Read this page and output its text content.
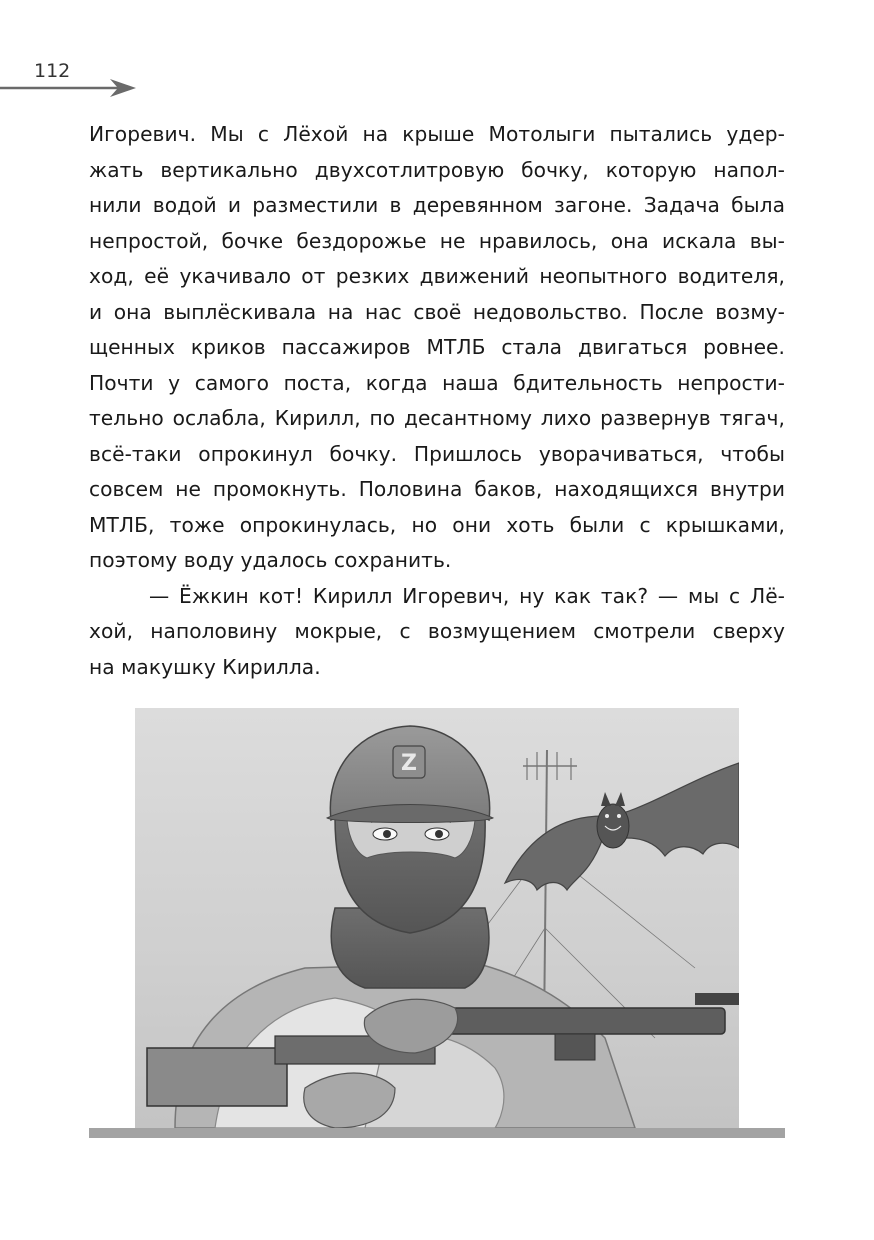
112
Игоревич. Мы с Лёхой на крыше Мотолыги пытались удер-
жать вертикально двухсотлитровую бочку, которую напол-
нили водой и разместили в деревянном загоне. Задача была
непростой, бочке бездорожье не нравилось, она искала вы-
ход, её укачивало от резких движений неопытного водителя,
и она выплёскивала на нас своё недовольство. После возму-
щенных криков пассажиров МТЛБ стала двигаться ровнее.
Почти у самого поста, когда наша бдительность непрости-
тельно ослабла, Кирилл, по десантному лихо развернув тягач,
всё-таки опрокинул бочку. Пришлось уворачиваться, чтобы
совсем не промокнуть. Половина баков, находящихся внутри
МТЛБ, тоже опрокинулась, но они хоть были с крышками,
поэтому воду удалось сохранить.
— Ёжкин кот! Кирилл Игоревич, ну как так? — мы с Лё-
хой, наполовину мокрые, с возмущением смотрели сверху
на макушку Кирилла.
Z
